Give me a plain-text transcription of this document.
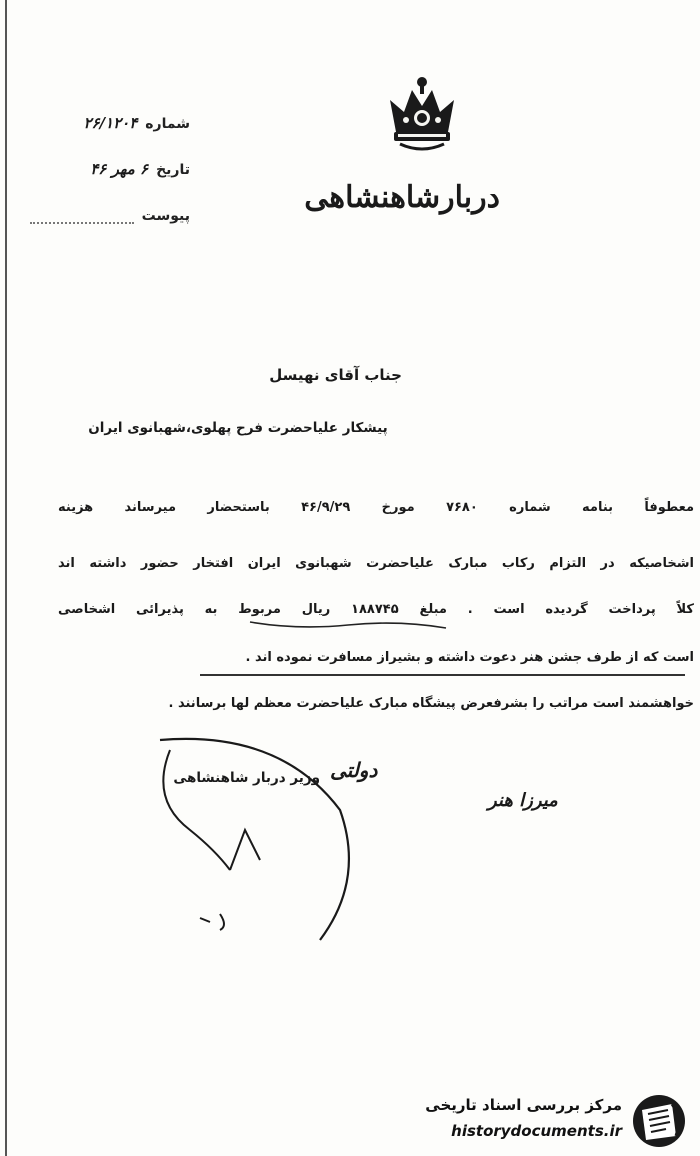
شماره
۲۶/۱۲۰۴
تاریخ
۶ مهر ۴۶
پیوست
دربارشاهنشاهی
جناب آقای نهیسل
پیشکار علیاحضرت فرح پهلوی،شهبانوی ایران
معطوفاً بنامه شماره ۷۶۸۰ مورخ ۴۶/۹/۲۹ باستحضار میرساند هزینه
اشخاصیکه در التزام رکاب مبارک علیاحضرت شهبانوی ایران افتخار حضور داشته اند
کلاً پرداخت گردیده است . مبلغ ۱۸۸۷۴۵ ریال مربوط به پذیرائی اشخاصی
است که از طرف جشن هنر دعوت داشته و بشیراز مسافرت نموده اند .
خواهشمند است مراتب را بشرفعرض پیشگاه مبارک علیاحضرت معظم لها برسانند .
وزیر دربار شاهنشاهی دولتی
میرزا هنر
مرکز بررسی اسناد تاریخی
historydocuments.ir
